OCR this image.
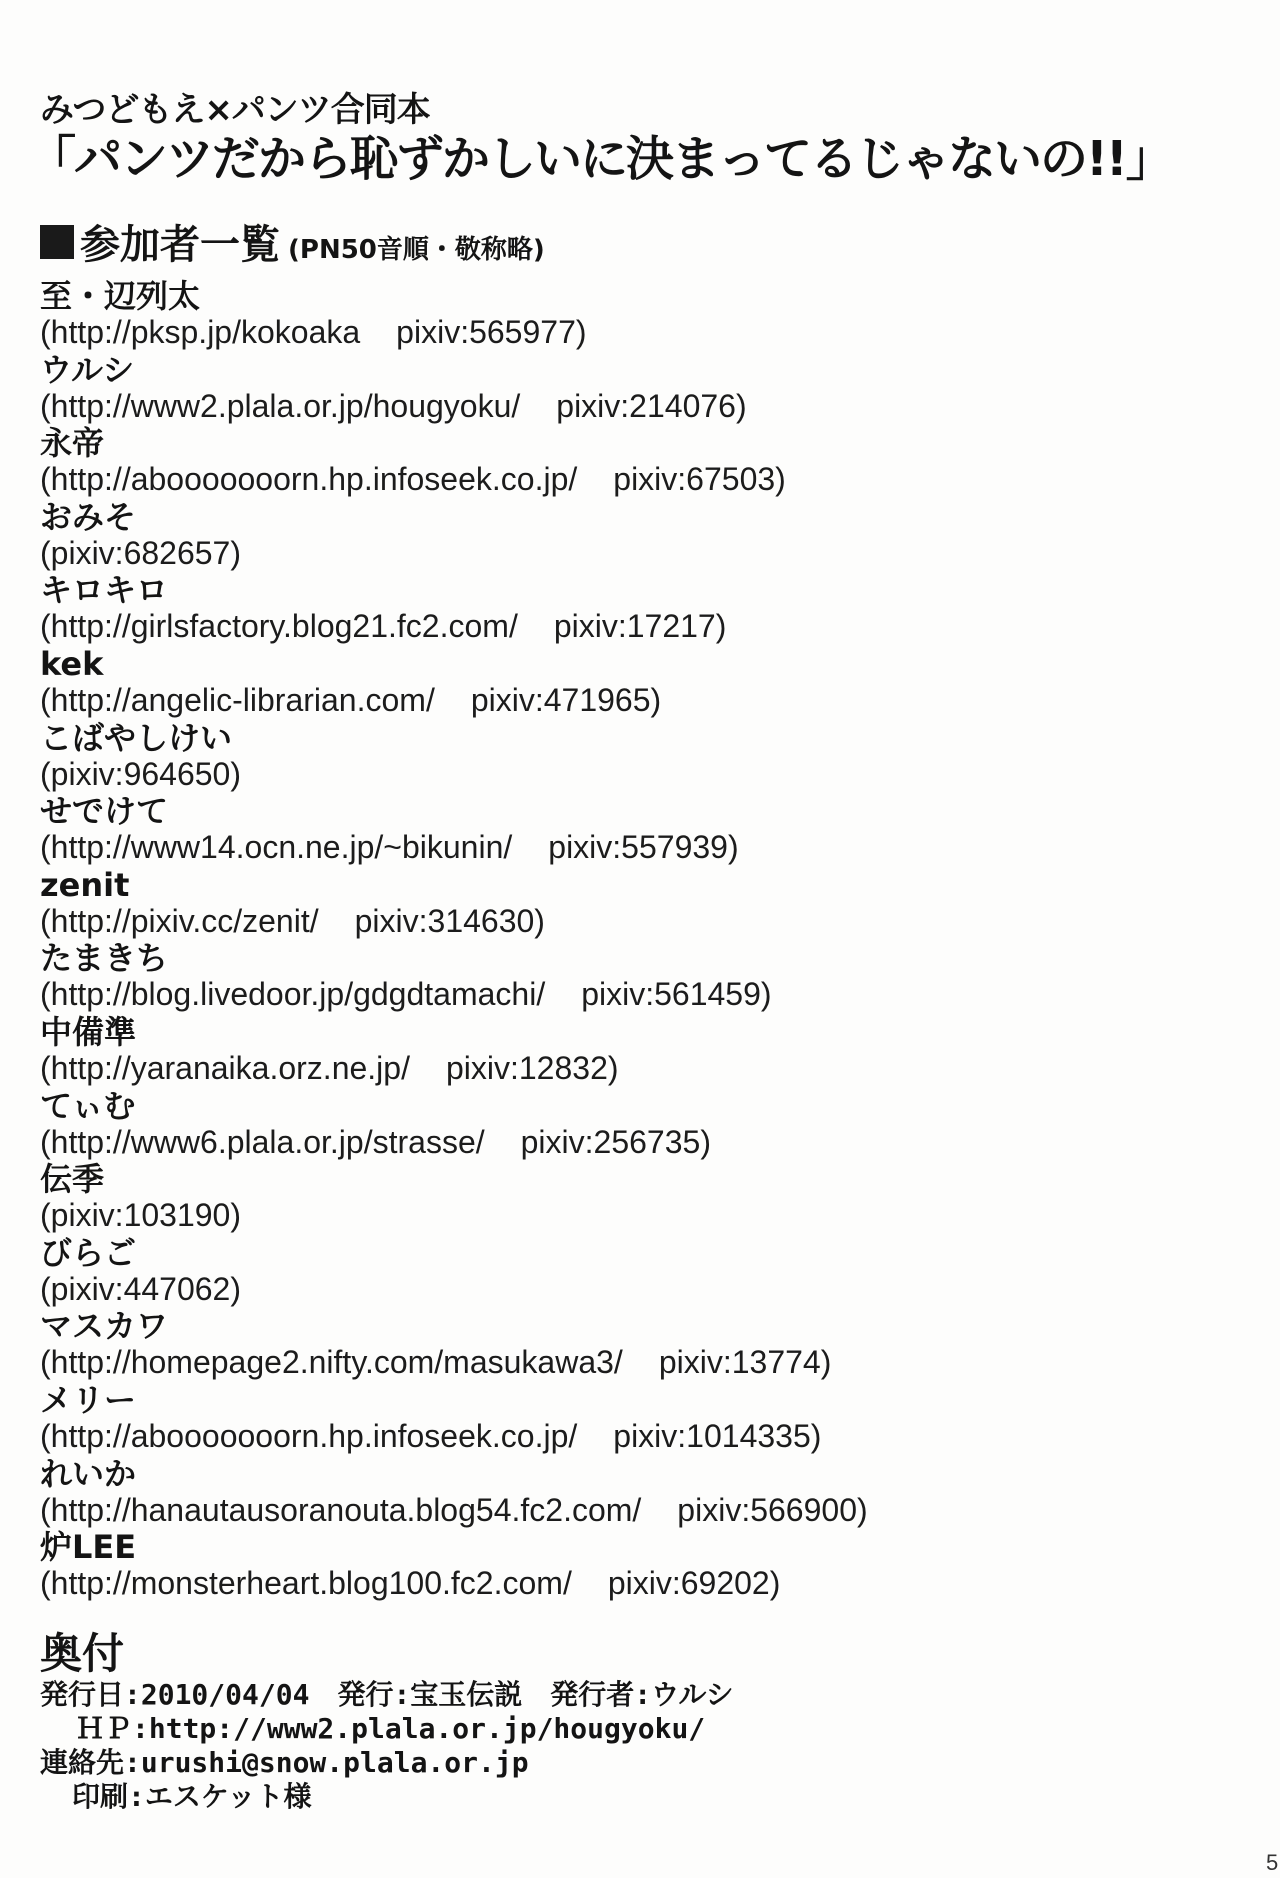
みつどもえ×パンツ合同本
「パンツだから恥ずかしいに決まってるじゃないの!!」
参加者一覧 (PN50音順・敬称略)
至・辺列太
(http://pksp.jp/kokoaka pixiv:565977)
ウルシ
(http://www2.plala.or.jp/hougyoku/ pixiv:214076)
永帝
(http://abooooooorn.hp.infoseek.co.jp/ pixiv:67503)
おみそ
(pixiv:682657)
キロキロ
(http://girlsfactory.blog21.fc2.com/ pixiv:17217)
kek
(http://angelic-librarian.com/ pixiv:471965)
こばやしけい
(pixiv:964650)
せでけて
(http://www14.ocn.ne.jp/~bikunin/ pixiv:557939)
zenit
(http://pixiv.cc/zenit/ pixiv:314630)
たまきち
(http://blog.livedoor.jp/gdgdtamachi/ pixiv:561459)
中備準
(http://yaranaika.orz.ne.jp/ pixiv:12832)
てぃむ
(http://www6.plala.or.jp/strasse/ pixiv:256735)
伝季
(pixiv:103190)
びらご
(pixiv:447062)
マスカワ
(http://homepage2.nifty.com/masukawa3/ pixiv:13774)
メリー
(http://abooooooorn.hp.infoseek.co.jp/ pixiv:1014335)
れいか
(http://hanautausoranouta.blog54.fc2.com/ pixiv:566900)
炉LEE
(http://monsterheart.blog100.fc2.com/ pixiv:69202)
奥付
発行日:2010/04/04 発行:宝玉伝説 発行者:ウルシ
ＨＰ:http://www2.plala.or.jp/hougyoku/
連絡先:urushi@snow.plala.or.jp
印刷:エスケット様
5
